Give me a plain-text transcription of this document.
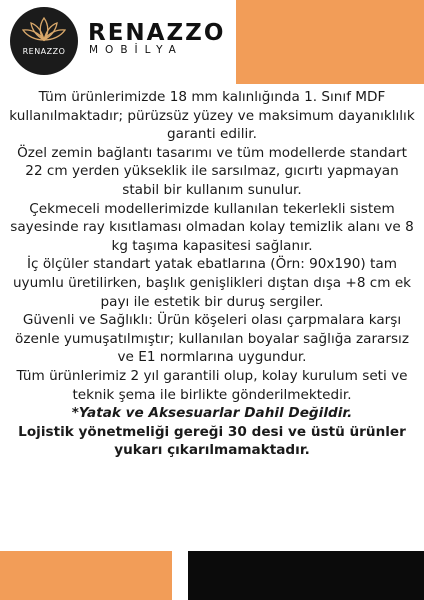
RENAZZO
RENAZZO
MOBİLYA

Tüm ürünlerimizde 18 mm kalınlığında 1. Sınıf MDF kullanılmaktadır; pürüzsüz yüzey ve maksimum dayanıklılık garanti edilir.

Özel zemin bağlantı tasarımı ve tüm modellerde standart 22 cm yerden yükseklik ile sarsılmaz, gıcırtı yapmayan stabil bir kullanım sunulur.

Çekmeceli modellerimizde kullanılan tekerlekli sistem sayesinde ray kısıtlaması olmadan kolay temizlik alanı ve 8 kg taşıma kapasitesi sağlanır.

İç ölçüler standart yatak ebatlarına (Örn: 90x190) tam uyumlu üretilirken, başlık genişlikleri dıştan dışa +8 cm ek payı ile estetik bir duruş sergiler.

Güvenli ve Sağlıklı: Ürün köşeleri olası çarpmalara karşı özenle yumuşatılmıştır; kullanılan boyalar sağlığa zararsız ve E1 normlarına uygundur.

Tüm ürünlerimiz 2 yıl garantili olup, kolay kurulum seti ve teknik şema ile birlikte gönderilmektedir.

*Yatak ve Aksesuarlar Dahil Değildir.

Lojistik yönetmeliği gereği 30 desi ve üstü ürünler yukarı çıkarılmamaktadır.
